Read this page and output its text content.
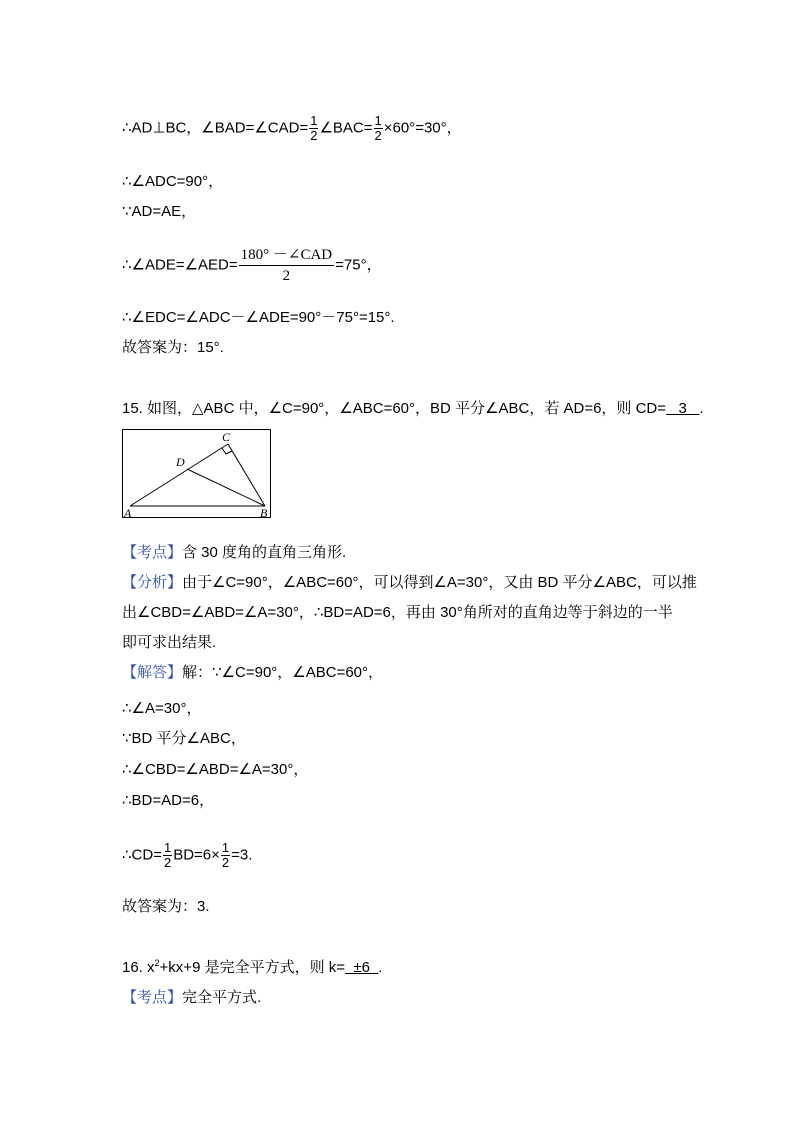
∴AD⊥BC，∠BAD=∠CAD= $\frac{1}{2}$ ∠BAC= $\frac{1}{2} \times 60^\circ=30^\circ$，
∴∠ADC=90°，
∵AD=AE，
∴∠ADE=∠AED= $\frac{\text{180° －∠CAD}}{2} =75^\circ$，
∴∠EDC=∠ADC－∠ADE=90°－75°=15°.
故答案为：15°.
15. 如图，△ABC 中，∠C=90°，∠ABC=60°，BD 平分∠ABC，若 AD=6，则 CD=   3   .
C
D
A	B
【考点】含 30 度角的直角三角形.
【分析】由于∠C=90°，∠ABC=60°，可以得到∠A=30°，又由 BD 平分∠ABC，可以推
出∠CBD=∠ABD=∠A=30°，∴BD=AD=6，再由 30°角所对的直角边等于斜边的一半
即可求出结果.
【解答】解：∵∠C=90°，∠ABC=60°，
∴∠A=30°，
∵BD 平分∠ABC，
∴∠CBD=∠ABD=∠A=30°，
∴BD=AD=6，
∴CD= $\frac{1}{2} BD=6\times \frac{1}{2} =3$.
故答案为：3.
16. $x^2+kx+9$ 是完全平方式，则 k=  ±6  .
【考点】完全平方式.
